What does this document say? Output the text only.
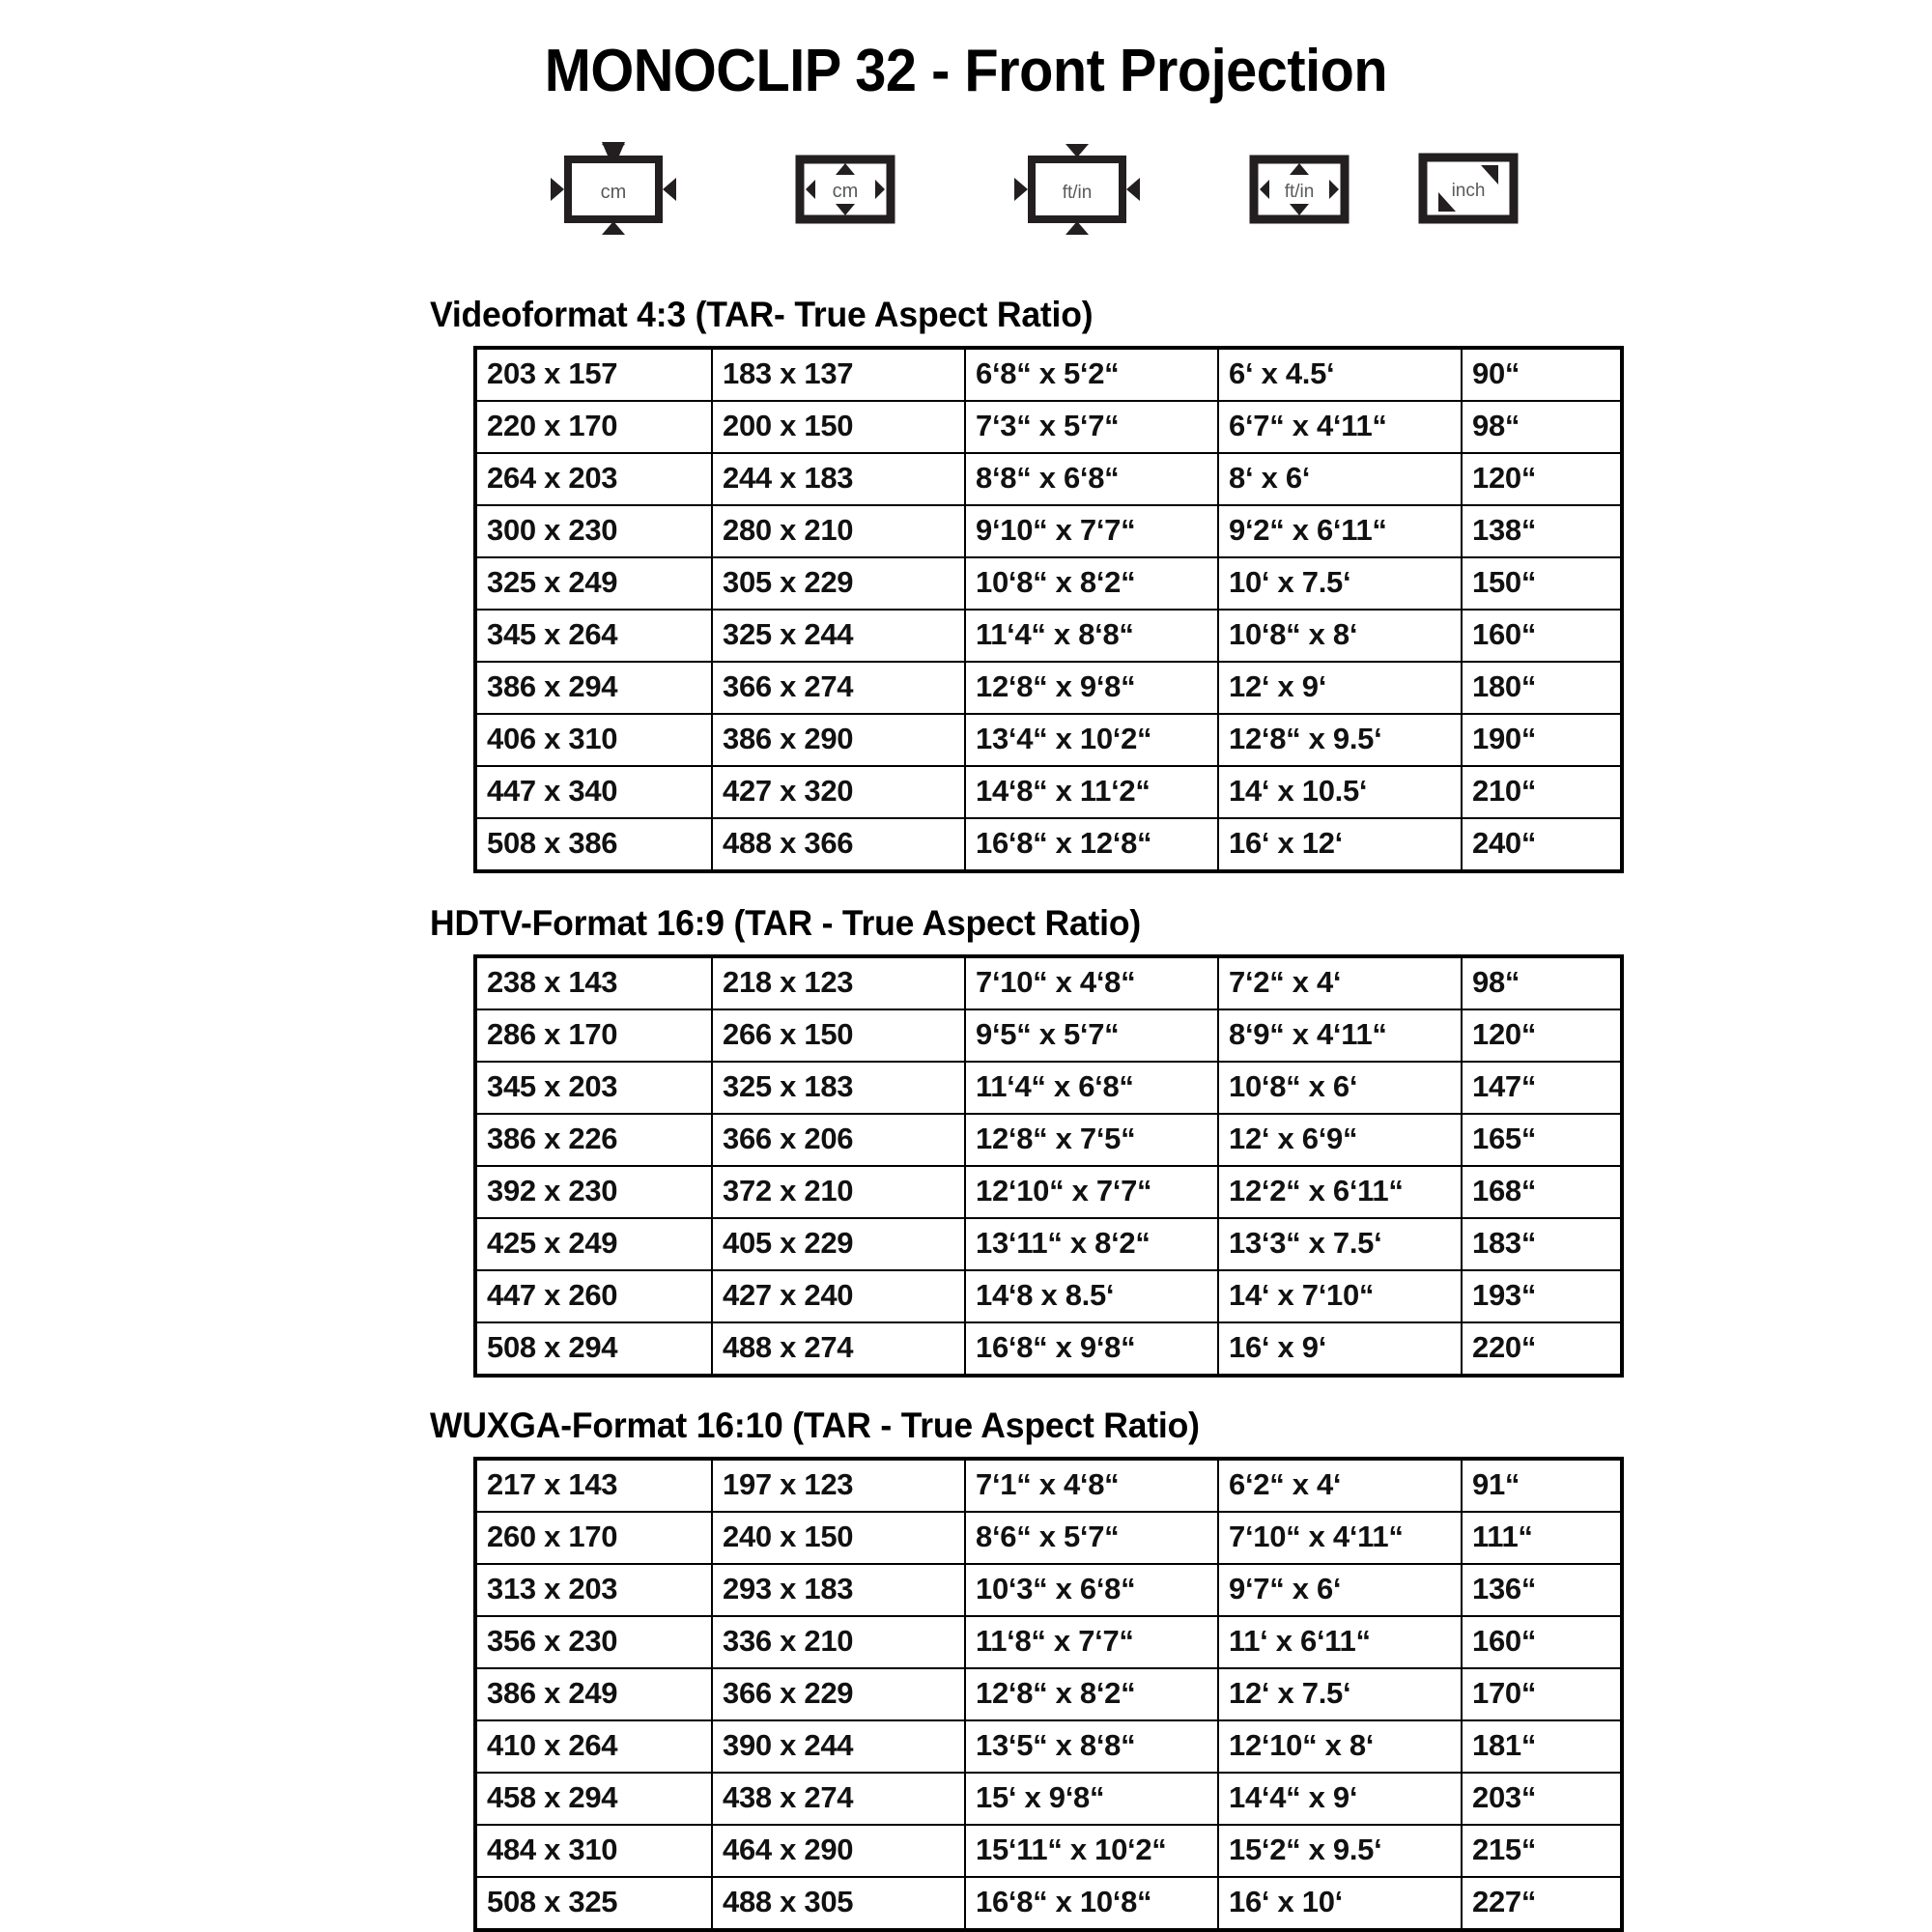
MONOCLIP 32 - Front Projection
cm	cm	ft/in	ft/in	inch
Videoformat 4:3 (TAR- True Aspect Ratio)
203 x 157	183 x 137	6‘8“ x 5‘2“	6‘ x 4.5‘	90“
220 x 170	200 x 150	7‘3“ x 5‘7“	6‘7“ x 4‘11“	98“
264 x 203	244 x 183	8‘8“ x 6‘8“	8‘ x 6‘	120“
300 x 230	280 x 210	9‘10“ x 7‘7“	9‘2“ x 6‘11“	138“
325 x 249	305 x 229	10‘8“ x 8‘2“	10‘ x 7.5‘	150“
345 x 264	325 x 244	11‘4“ x 8‘8“	10‘8“ x 8‘	160“
386 x 294	366 x 274	12‘8“ x 9‘8“	12‘ x 9‘	180“
406 x 310	386 x 290	13‘4“ x 10‘2“	12‘8“ x 9.5‘	190“
447 x 340	427 x 320	14‘8“ x 11‘2“	14‘ x 10.5‘	210“
508 x 386	488 x 366	16‘8“ x 12‘8“	16‘ x 12‘	240“
HDTV-Format 16:9 (TAR - True Aspect Ratio)
238 x 143	218 x 123	7‘10“ x 4‘8“	7‘2“ x 4‘	98“
286 x 170	266 x 150	9‘5“ x 5‘7“	8‘9“ x 4‘11“	120“
345 x 203	325 x 183	11‘4“ x 6‘8“	10‘8“ x 6‘	147“
386 x 226	366 x 206	12‘8“ x 7‘5“	12‘ x 6‘9“	165“
392 x 230	372 x 210	12‘10“ x 7‘7“	12‘2“ x 6‘11“	168“
425 x 249	405 x 229	13‘11“ x 8‘2“	13‘3“ x 7.5‘	183“
447 x 260	427 x 240	14‘8 x 8.5‘	14‘ x 7‘10“	193“
508 x 294	488 x 274	16‘8“ x 9‘8“	16‘ x 9‘	220“
WUXGA-Format 16:10 (TAR - True Aspect Ratio)
217 x 143	197 x 123	7‘1“ x 4‘8“	6‘2“ x 4‘	91“
260 x 170	240 x 150	8‘6“ x 5‘7“	7‘10“ x 4‘11“	111“
313 x 203	293 x 183	10‘3“ x 6‘8“	9‘7“ x 6‘	136“
356 x 230	336 x 210	11‘8“ x 7‘7“	11‘ x 6‘11“	160“
386 x 249	366 x 229	12‘8“ x 8‘2“	12‘ x 7.5‘	170“
410 x 264	390 x 244	13‘5“ x 8‘8“	12‘10“ x 8‘	181“
458 x 294	438 x 274	15‘ x 9‘8“	14‘4“ x 9‘	203“
484 x 310	464 x 290	15‘11“ x 10‘2“	15‘2“ x 9.5‘	215“
508 x 325	488 x 305	16‘8“ x 10‘8“	16‘ x 10‘	227“
